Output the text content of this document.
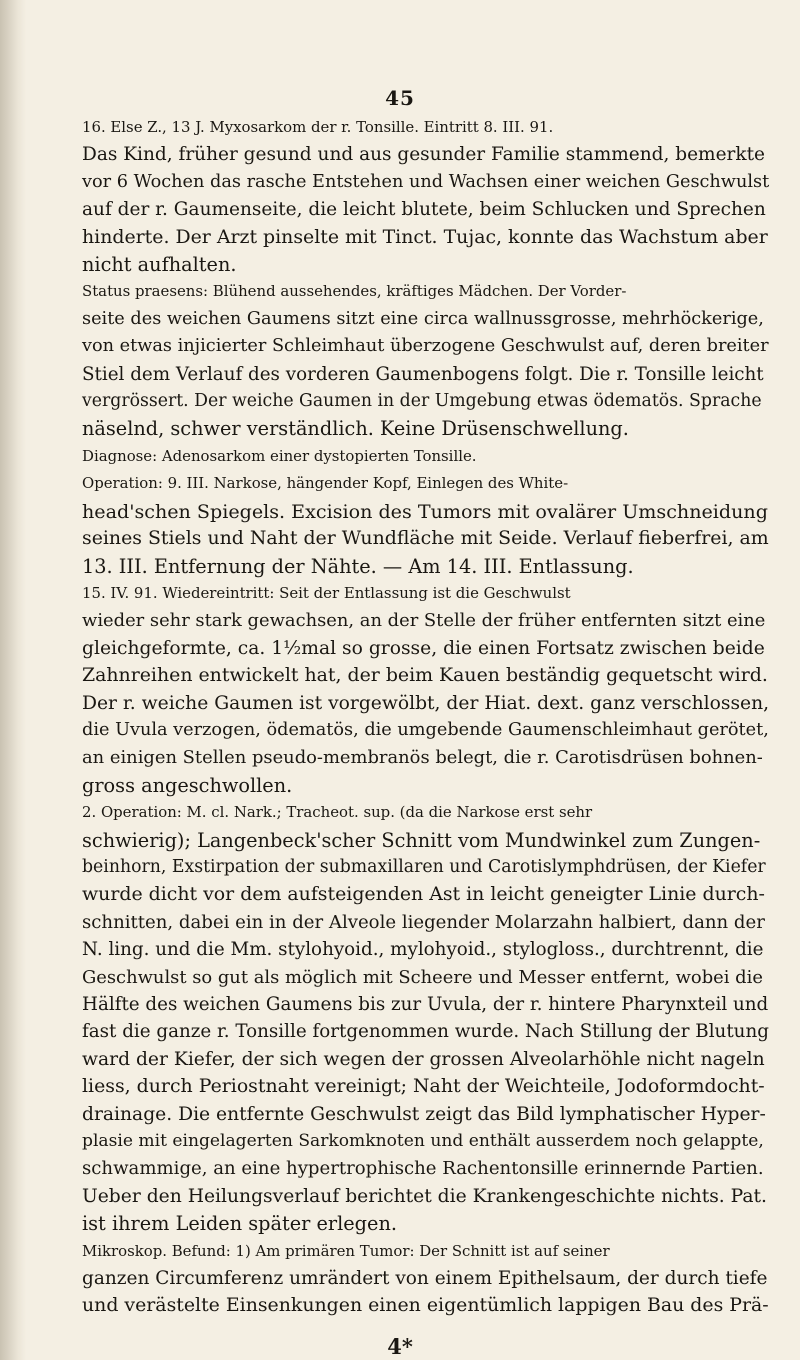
45
16. Else Z., 13 J. Myxosarkom der r. Tonsille. Eintritt 8. III. 91.
Das Kind, früher gesund und aus gesunder Familie stammend, bemerkte
vor 6 Wochen das rasche Entstehen und Wachsen einer weichen Geschwulst
auf der r. Gaumenseite, die leicht blutete, beim Schlucken und Sprechen
hinderte. Der Arzt pinselte mit Tinct. Tujac, konnte das Wachstum aber
nicht aufhalten.
Status praesens: Blühend aussehendes, kräftiges Mädchen. Der Vorder-
seite des weichen Gaumens sitzt eine circa wallnussgrosse, mehrhöckerige,
von etwas injicierter Schleimhaut überzogene Geschwulst auf, deren breiter
Stiel dem Verlauf des vorderen Gaumenbogens folgt. Die r. Tonsille leicht
vergrössert. Der weiche Gaumen in der Umgebung etwas ödematös. Sprache
näselnd, schwer verständlich. Keine Drüsenschwellung.
Diagnose: Adenosarkom einer dystopierten Tonsille.
Operation: 9. III. Narkose, hängender Kopf, Einlegen des White-
head'schen Spiegels. Excision des Tumors mit ovalärer Umschneidung
seines Stiels und Naht der Wundfläche mit Seide. Verlauf fieberfrei, am
13. III. Entfernung der Nähte. — Am 14. III. Entlassung.
15. IV. 91. Wiedereintritt: Seit der Entlassung ist die Geschwulst
wieder sehr stark gewachsen, an der Stelle der früher entfernten sitzt eine
gleichgeformte, ca. 1½mal so grosse, die einen Fortsatz zwischen beide
Zahnreihen entwickelt hat, der beim Kauen beständig gequetscht wird.
Der r. weiche Gaumen ist vorgewölbt, der Hiat. dext. ganz verschlossen,
die Uvula verzogen, ödematös, die umgebende Gaumenschleimhaut gerötet,
an einigen Stellen pseudo-membranös belegt, die r. Carotisdrüsen bohnen-
gross angeschwollen.
2. Operation: M. cl. Nark.; Tracheot. sup. (da die Narkose erst sehr
schwierig); Langenbeck'scher Schnitt vom Mundwinkel zum Zungen-
beinhorn, Exstirpation der submaxillaren und Carotislymphdrüsen, der Kiefer
wurde dicht vor dem aufsteigenden Ast in leicht geneigter Linie durch-
schnitten, dabei ein in der Alveole liegender Molarzahn halbiert, dann der
N. ling. und die Mm. stylohyoid., mylohyoid., stylogloss., durchtrennt, die
Geschwulst so gut als möglich mit Scheere und Messer entfernt, wobei die
Hälfte des weichen Gaumens bis zur Uvula, der r. hintere Pharynxteil und
fast die ganze r. Tonsille fortgenommen wurde. Nach Stillung der Blutung
ward der Kiefer, der sich wegen der grossen Alveolarhöhle nicht nageln
liess, durch Periostnaht vereinigt; Naht der Weichteile, Jodoformdocht-
drainage. Die entfernte Geschwulst zeigt das Bild lymphatischer Hyper-
plasie mit eingelagerten Sarkomknoten und enthält ausserdem noch gelappte,
schwammige, an eine hypertrophische Rachentonsille erinnernde Partien.
Ueber den Heilungsverlauf berichtet die Krankengeschichte nichts. Pat.
ist ihrem Leiden später erlegen.
Mikroskop. Befund: 1) Am primären Tumor: Der Schnitt ist auf seiner
ganzen Circumferenz umrändert von einem Epithelsaum, der durch tiefe
und verästelte Einsenkungen einen eigentümlich lappigen Bau des Prä-
4*
